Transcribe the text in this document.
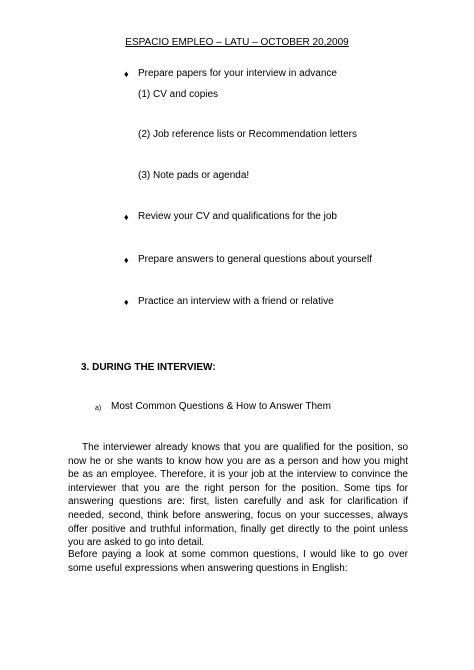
ESPACIO EMPLEO – LATU – OCTOBER 20,2009
♦ Prepare papers for your interview in advance
(1) CV and copies
(2) Job reference lists or Recommendation letters
(3) Note pads or agenda!
♦ Review your CV and qualifications for the job
♦ Prepare answers to general questions about yourself
♦ Practice an interview with a friend or relative
3. DURING THE INTERVIEW:
a) Most Common Questions & How to Answer Them

The interviewer already knows that you are qualified for the position, so now he or she wants to know how you are as a person and how you might be as an employee. Therefore, it is your job at the interview to convince the interviewer that you are the right person for the position. Some tips for answering questions are: first, listen carefully and ask for clarification if needed, second, think before answering, focus on your successes, always offer positive and truthful information, finally get directly to the point unless you are asked to go into detail.

Before paying a look at some common questions, I would like to go over some useful expressions when answering questions in English:
